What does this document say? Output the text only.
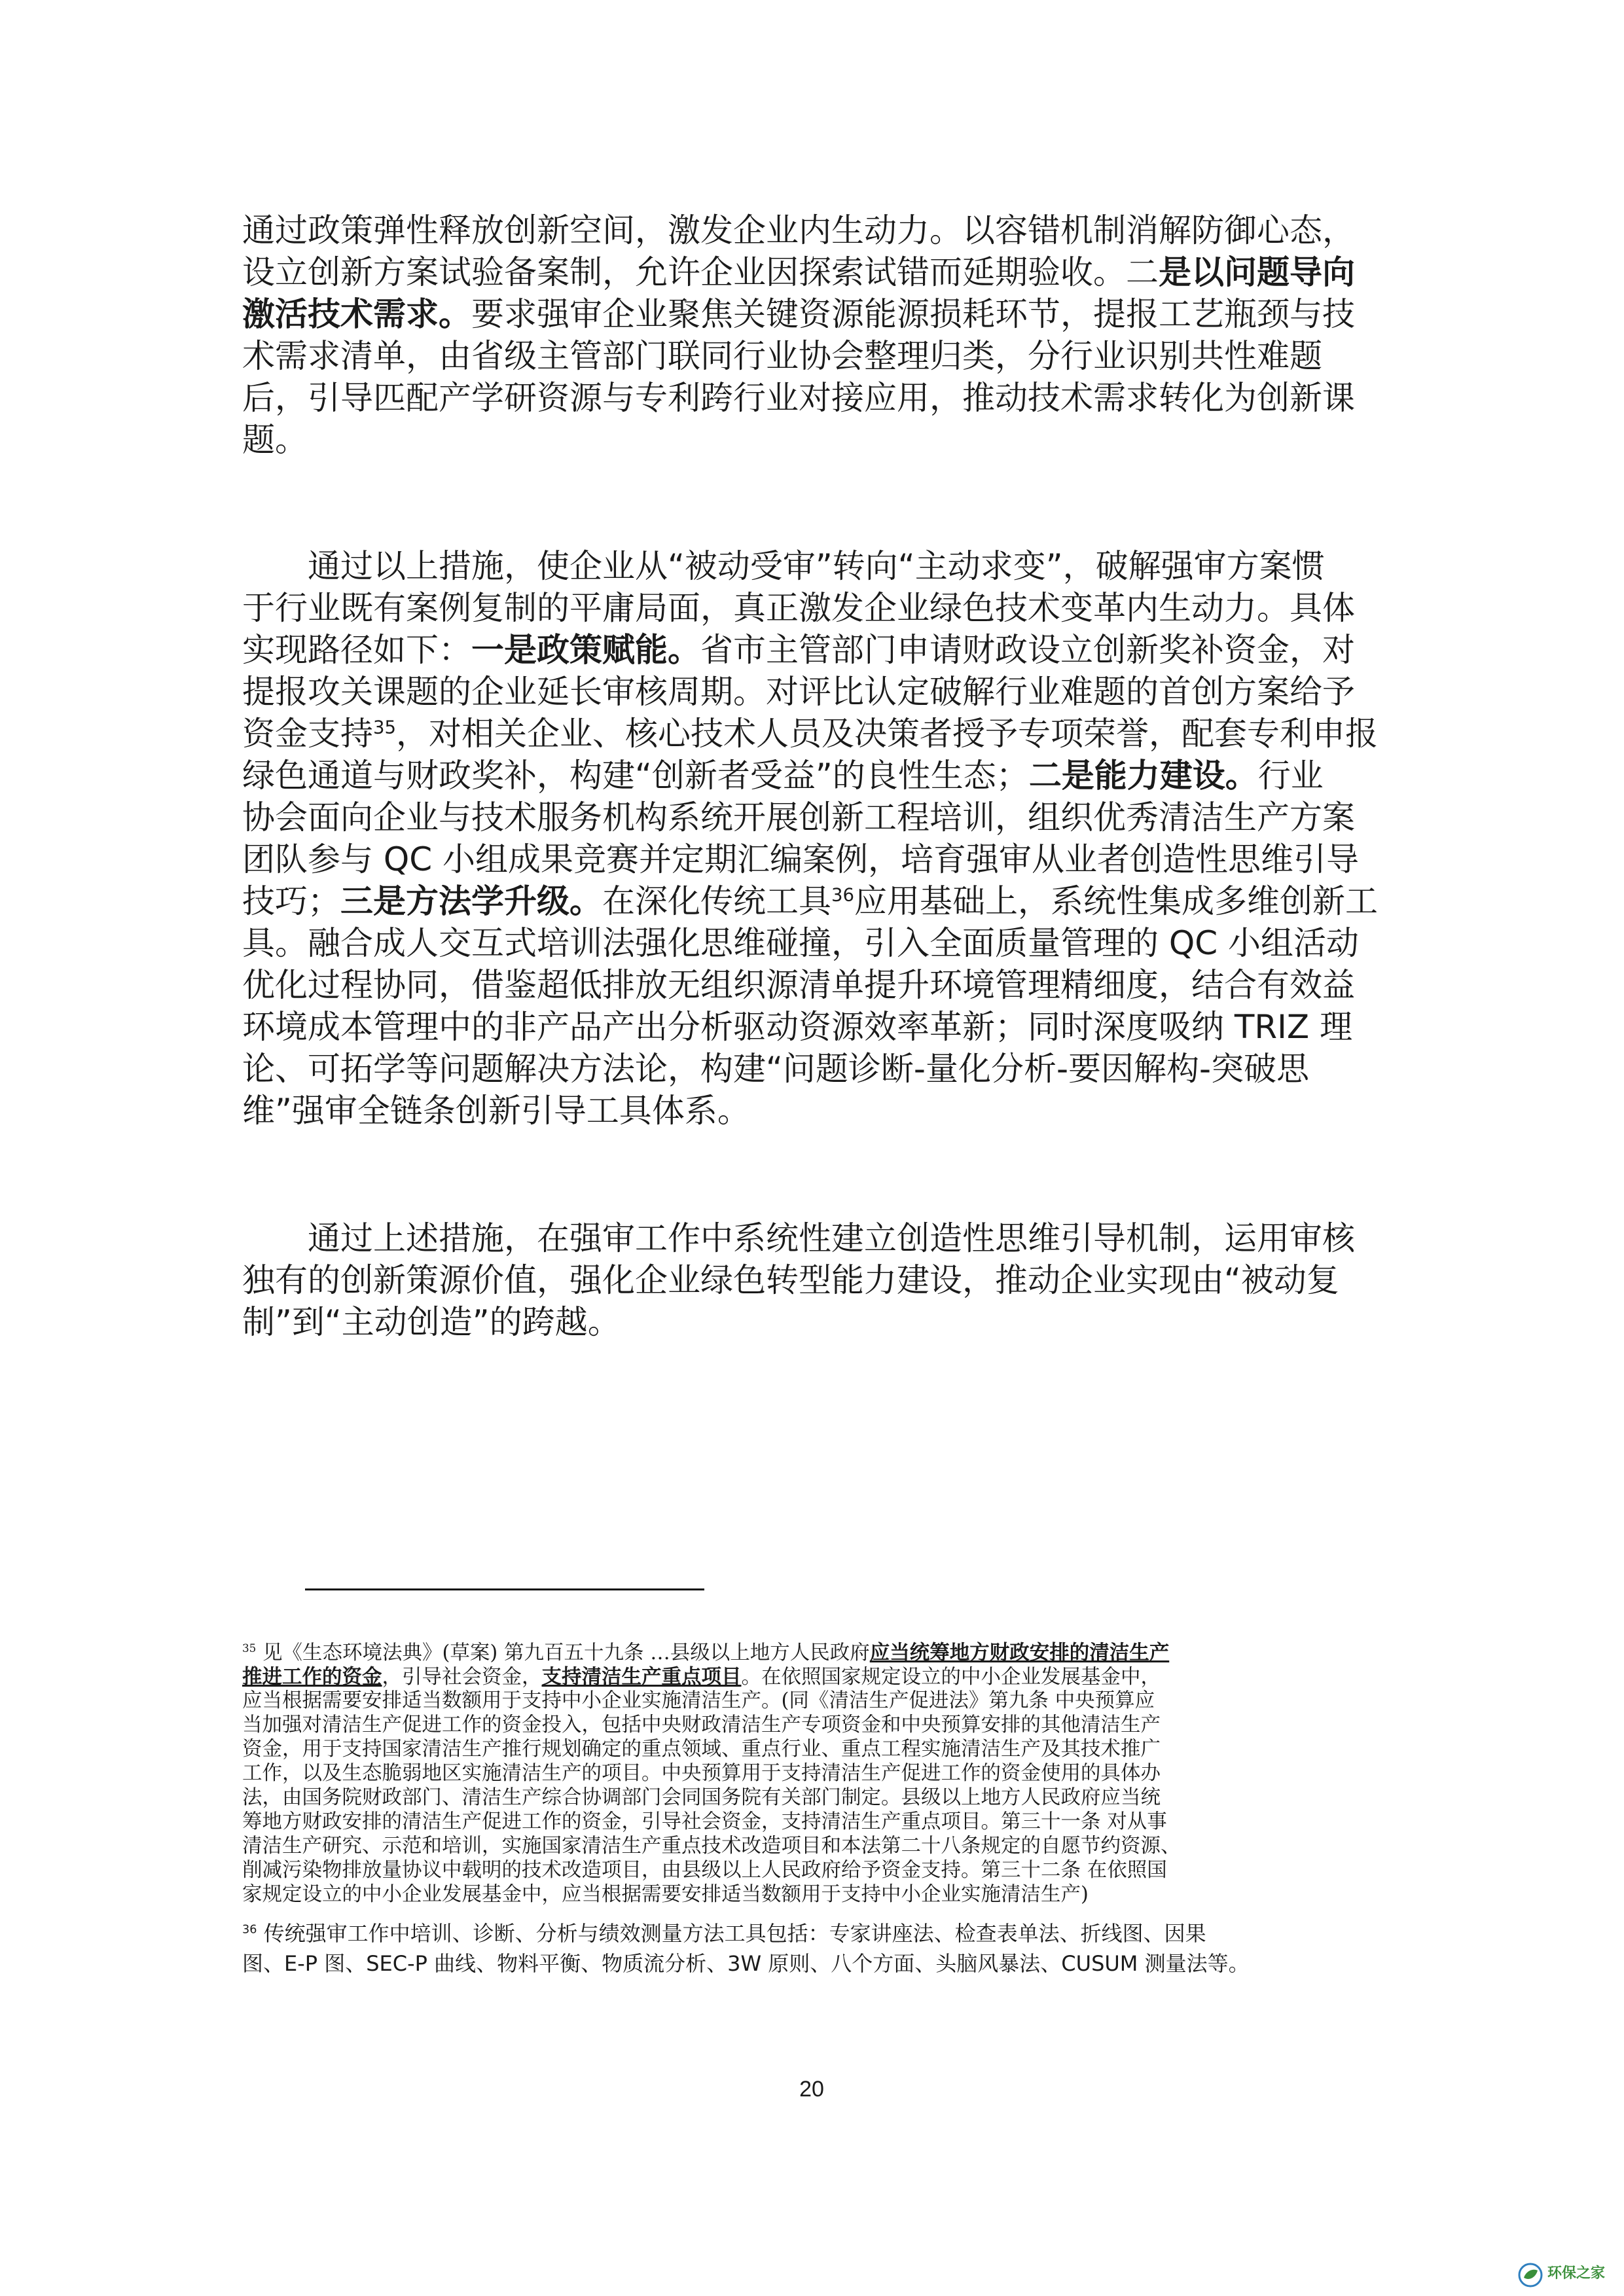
通过政策弹性释放创新空间，激发企业内生动力。以容错机制消解防御心态，

设立创新方案试验备案制，允许企业因探索试错而延期验收。二是以问题导向

激活技术需求。要求强审企业聚焦关键资源能源损耗环节，提报工艺瓶颈与技

术需求清单，由省级主管部门联同行业协会整理归类，分行业识别共性难题

后，引导匹配产学研资源与专利跨行业对接应用，推动技术需求转化为创新课

题。

通过以上措施，使企业从“被动受审”转向“主动求变”，破解强审方案惯

于行业既有案例复制的平庸局面，真正激发企业绿色技术变革内生动力。具体

实现路径如下：一是政策赋能。省市主管部门申请财政设立创新奖补资金，对

提报攻关课题的企业延长审核周期。对评比认定破解行业难题的首创方案给予

资金支持$^{35}$，对相关企业、核心技术人员及决策者授予专项荣誉，配套专利申报

绿色通道与财政奖补，构建“创新者受益”的良性生态；二是能力建设。行业

协会面向企业与技术服务机构系统开展创新工程培训，组织优秀清洁生产方案

团队参与 QC 小组成果竞赛并定期汇编案例，培育强审从业者创造性思维引导

技巧；三是方法学升级。在深化传统工具$^{36}$应用基础上，系统性集成多维创新工

具。融合成人交互式培训法强化思维碰撞，引入全面质量管理的 QC 小组活动

优化过程协同，借鉴超低排放无组织源清单提升环境管理精细度，结合有效益

环境成本管理中的非产品产出分析驱动资源效率革新；同时深度吸纳 TRIZ 理

论、可拓学等问题解决方法论，构建“问题诊断-量化分析-要因解构-突破思

维”强审全链条创新引导工具体系。

通过上述措施，在强审工作中系统性建立创造性思维引导机制，运用审核

独有的创新策源价值，强化企业绿色转型能力建设，推动企业实现由“被动复

制”到“主动创造”的跨越。

$^{35}$ 见《生态环境法典》(草案) 第九百五十九条 …县级以上地方人民政府应当统筹地方财政安排的清洁生产

推进工作的资金，引导社会资金，支持清洁生产重点项目。在依照国家规定设立的中小企业发展基金中，

应当根据需要安排适当数额用于支持中小企业实施清洁生产。(同《清洁生产促进法》第九条 中央预算应

当加强对清洁生产促进工作的资金投入，包括中央财政清洁生产专项资金和中央预算安排的其他清洁生产

资金，用于支持国家清洁生产推行规划确定的重点领域、重点行业、重点工程实施清洁生产及其技术推广

工作，以及生态脆弱地区实施清洁生产的项目。中央预算用于支持清洁生产促进工作的资金使用的具体办

法，由国务院财政部门、清洁生产综合协调部门会同国务院有关部门制定。县级以上地方人民政府应当统

筹地方财政安排的清洁生产促进工作的资金，引导社会资金，支持清洁生产重点项目。第三十一条 对从事

清洁生产研究、示范和培训，实施国家清洁生产重点技术改造项目和本法第二十八条规定的自愿节约资源、

削减污染物排放量协议中载明的技术改造项目，由县级以上人民政府给予资金支持。第三十二条 在依照国

家规定设立的中小企业发展基金中，应当根据需要安排适当数额用于支持中小企业实施清洁生产)

$^{36}$ 传统强审工作中培训、诊断、分析与绩效测量方法工具包括：专家讲座法、检查表单法、折线图、因果

图、E-P 图、SEC-P 曲线、物料平衡、物质流分析、3W 原则、八个方面、头脑风暴法、CUSUM 测量法等。

20
环保之家
